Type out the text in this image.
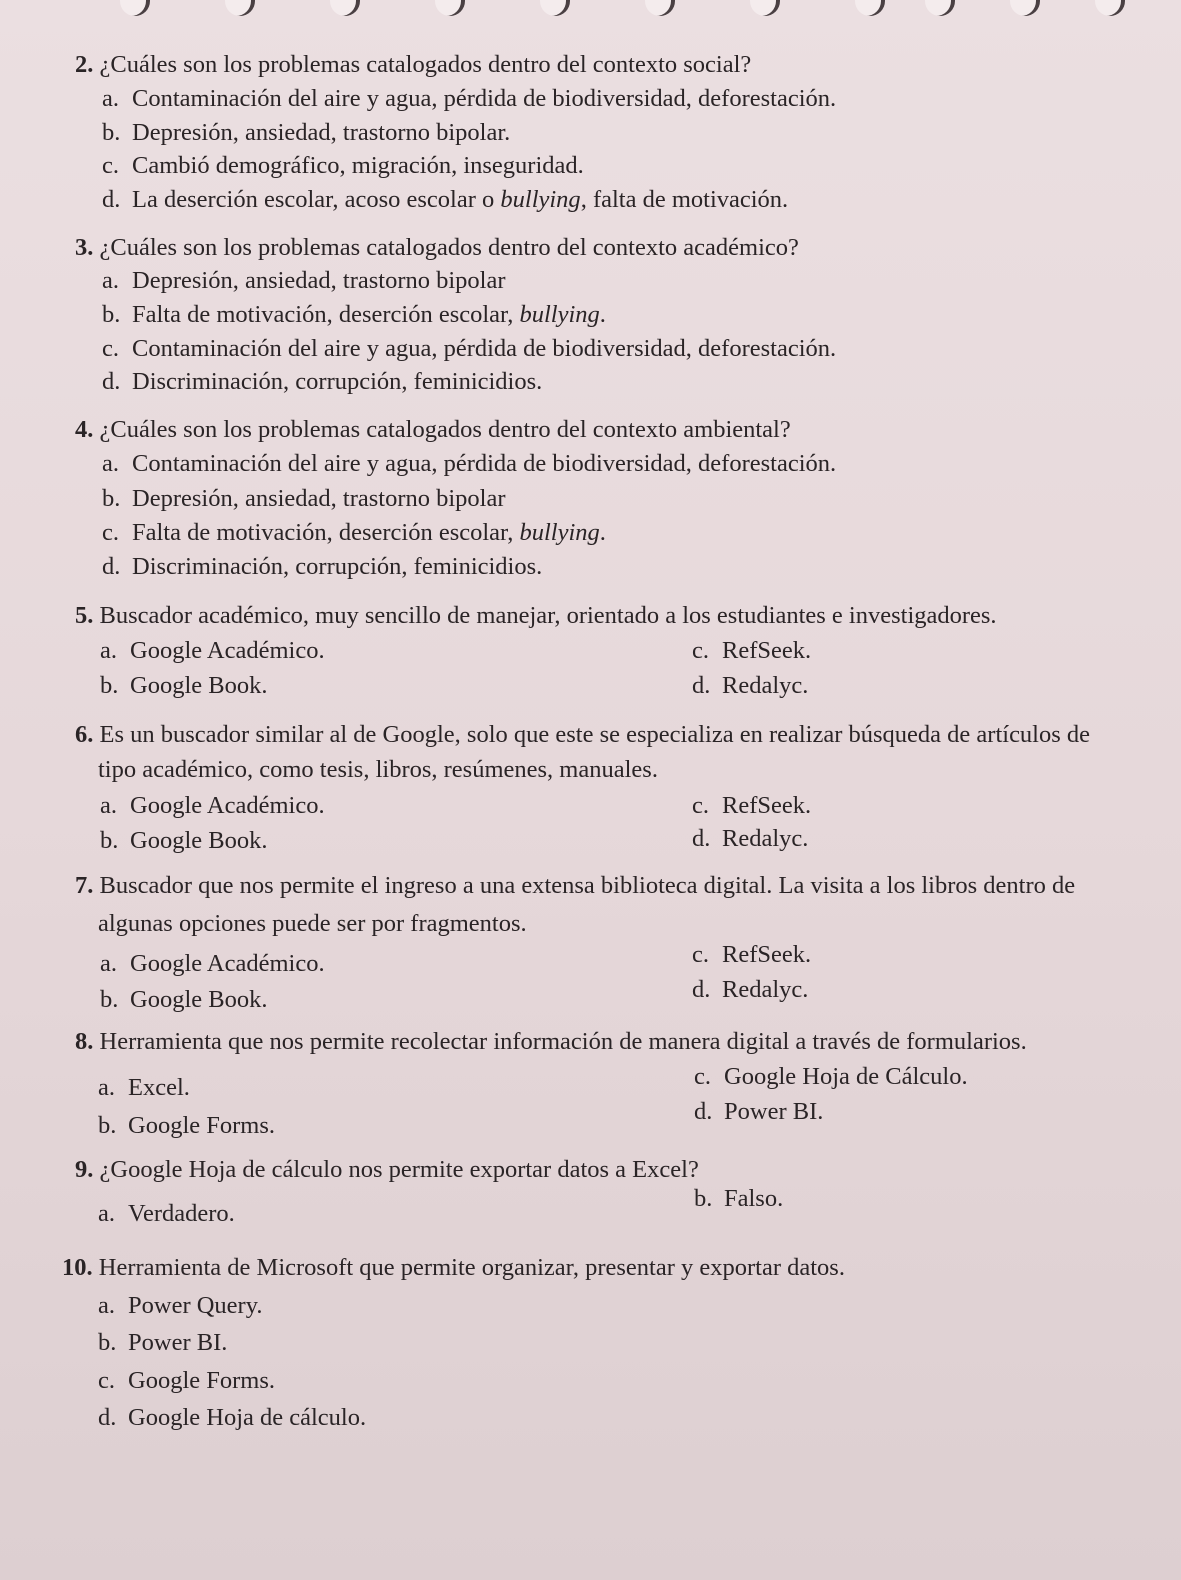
2. ¿Cuáles son los problemas catalogados dentro del contexto social?
a. Contaminación del aire y agua, pérdida de biodiversidad, deforestación.
b. Depresión, ansiedad, trastorno bipolar.
c. Cambió demográfico, migración, inseguridad.
d. La deserción escolar, acoso escolar o bullying, falta de motivación.
3. ¿Cuáles son los problemas catalogados dentro del contexto académico?
a. Depresión, ansiedad, trastorno bipolar
b. Falta de motivación, deserción escolar, bullying.
c. Contaminación del aire y agua, pérdida de biodiversidad, deforestación.
d. Discriminación, corrupción, feminicidios.
4. ¿Cuáles son los problemas catalogados dentro del contexto ambiental?
a. Contaminación del aire y agua, pérdida de biodiversidad, deforestación.
b. Depresión, ansiedad, trastorno bipolar
c. Falta de motivación, deserción escolar, bullying.
d. Discriminación, corrupción, feminicidios.
5. Buscador académico, muy sencillo de manejar, orientado a los estudiantes e investigadores.
a. Google Académico.
b. Google Book.
c. RefSeek.
d. Redalyc.
6. Es un buscador similar al de Google, solo que este se especializa en realizar búsqueda de artículos de
tipo académico, como tesis, libros, resúmenes, manuales.
a. Google Académico.
b. Google Book.
c. RefSeek.
d. Redalyc.
7. Buscador que nos permite el ingreso a una extensa biblioteca digital. La visita a los libros dentro de
algunas opciones puede ser por fragmentos.
a. Google Académico.
b. Google Book.
c. RefSeek.
d. Redalyc.
8. Herramienta que nos permite recolectar información de manera digital a través de formularios.
a. Excel.
b. Google Forms.
c. Google Hoja de Cálculo.
d. Power BI.
9. ¿Google Hoja de cálculo nos permite exportar datos a Excel?
a. Verdadero.
b. Falso.
10. Herramienta de Microsoft que permite organizar, presentar y exportar datos.
a. Power Query.
b. Power BI.
c. Google Forms.
d. Google Hoja de cálculo.
